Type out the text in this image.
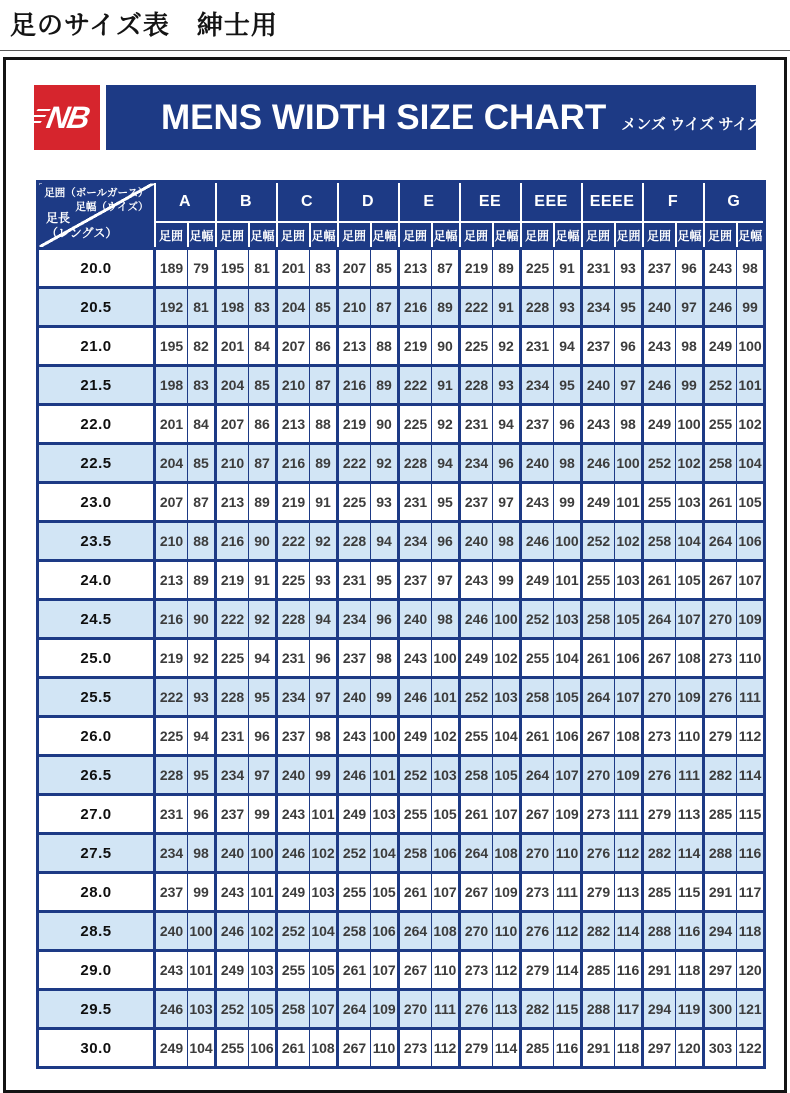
足のサイズ表　紳士用
NB MENS WIDTH SIZE CHART メンズ ウイズ サイズ表
足囲（ボールガース）
足幅（ウイズ）
足長
（レングス）	A		B		C		D		E		EE		EEE		EEEE		F		G	
	足囲	足幅	足囲	足幅	足囲	足幅	足囲	足幅	足囲	足幅	足囲	足幅	足囲	足幅	足囲	足囲	足囲	足幅	足囲	足幅
20.0	189	79	195	81	201	83	207	85	213	87	219	89	225	91	231	93	237	96	243	98
20.5	192	81	198	83	204	85	210	87	216	89	222	91	228	93	234	95	240	97	246	99
21.0	195	82	201	84	207	86	213	88	219	90	225	92	231	94	237	96	243	98	249	100
21.5	198	83	204	85	210	87	216	89	222	91	228	93	234	95	240	97	246	99	252	101
22.0	201	84	207	86	213	88	219	90	225	92	231	94	237	96	243	98	249	100	255	102
22.5	204	85	210	87	216	89	222	92	228	94	234	96	240	98	246	100	252	102	258	104
23.0	207	87	213	89	219	91	225	93	231	95	237	97	243	99	249	101	255	103	261	105
23.5	210	88	216	90	222	92	228	94	234	96	240	98	246	100	252	102	258	104	264	106
24.0	213	89	219	91	225	93	231	95	237	97	243	99	249	101	255	103	261	105	267	107
24.5	216	90	222	92	228	94	234	96	240	98	246	100	252	103	258	105	264	107	270	109
25.0	219	92	225	94	231	96	237	98	243	100	249	102	255	104	261	106	267	108	273	110
25.5	222	93	228	95	234	97	240	99	246	101	252	103	258	105	264	107	270	109	276	111
26.0	225	94	231	96	237	98	243	100	249	102	255	104	261	106	267	108	273	110	279	112
26.5	228	95	234	97	240	99	246	101	252	103	258	105	264	107	270	109	276	111	282	114
27.0	231	96	237	99	243	101	249	103	255	105	261	107	267	109	273	111	279	113	285	115
27.5	234	98	240	100	246	102	252	104	258	106	264	108	270	110	276	112	282	114	288	116
28.0	237	99	243	101	249	103	255	105	261	107	267	109	273	111	279	113	285	115	291	117
28.5	240	100	246	102	252	104	258	106	264	108	270	110	276	112	282	114	288	116	294	118
29.0	243	101	249	103	255	105	261	107	267	110	273	112	279	114	285	116	291	118	297	120
29.5	246	103	252	105	258	107	264	109	270	111	276	113	282	115	288	117	294	119	300	121
30.0	249	104	255	106	261	108	267	110	273	112	279	114	285	116	291	118	297	120	303	122
